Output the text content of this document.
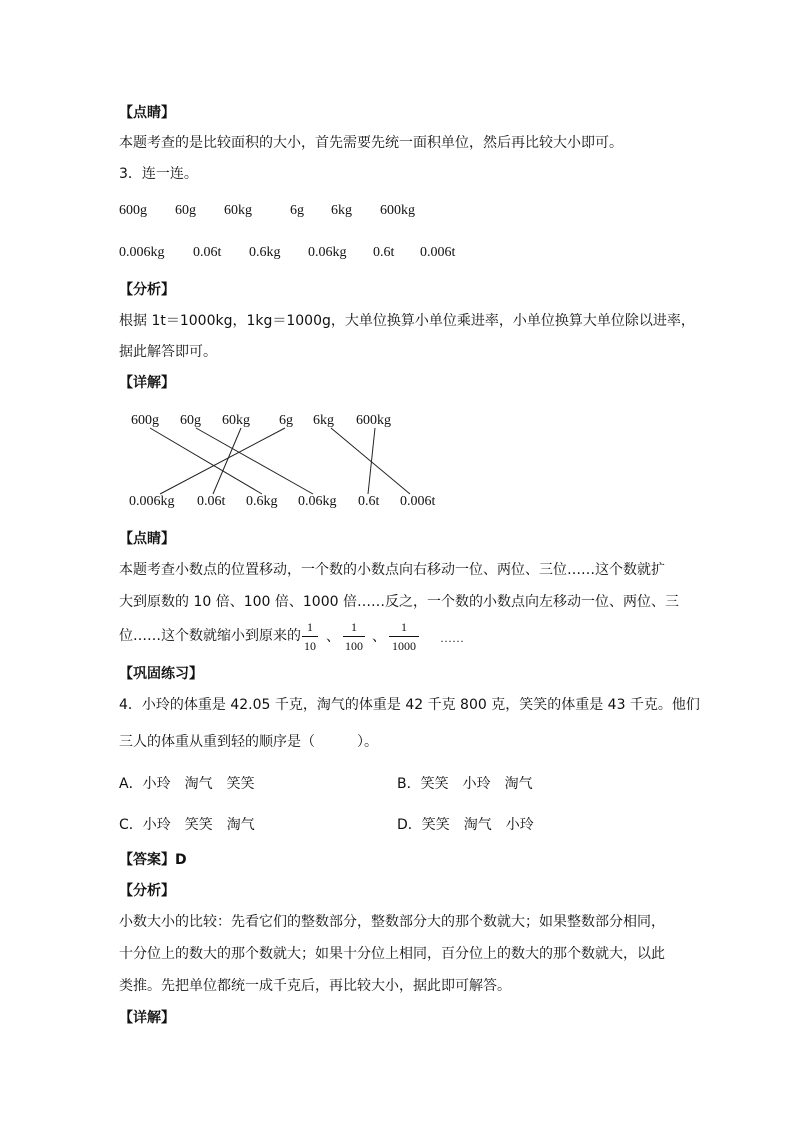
【点睛】
本题考查的是比较面积的大小，首先需要先统一面积单位，然后再比较大小即可。
3．连一连。
600g 60g 60kg	6g 6kg 600kg
0.006kg 0.06t 0.6kg 0.06kg 0.6t 0.006t
【分析】
根据 1t＝1000kg，1kg＝1000g，大单位换算小单位乘进率，小单位换算大单位除以进率，
据此解答即可。
【详解】
600g 60g 60kg 6g 6kg 600kg
0.006kg 0.06t 0.6kg 0.06kg 0.6t 0.006t
【点睛】
本题考查小数点的位置移动，一个数的小数点向右移动一位、两位、三位……这个数就扩
大到原数的 10 倍、100 倍、1000 倍……反之，一个数的小数点向左移动一位、两位、三
位……这个数就缩小到原来的
1
10
、
1
100
、
1
1000
……
【巩固练习】
4．小玲的体重是 42.05 千克，淘气的体重是 42 千克 800 克，笑笑的体重是 43 千克。他们
三人的体重从重到轻的顺序是（　　　）。
A．小玲　淘气　笑笑	B．笑笑　小玲　淘气
C．小玲　笑笑　淘气	D．笑笑　淘气　小玲
【答案】D
【分析】
小数大小的比较：先看它们的整数部分，整数部分大的那个数就大；如果整数部分相同，
十分位上的数大的那个数就大；如果十分位上相同，百分位上的数大的那个数就大，以此
类推。先把单位都统一成千克后，再比较大小，据此即可解答。
【详解】
